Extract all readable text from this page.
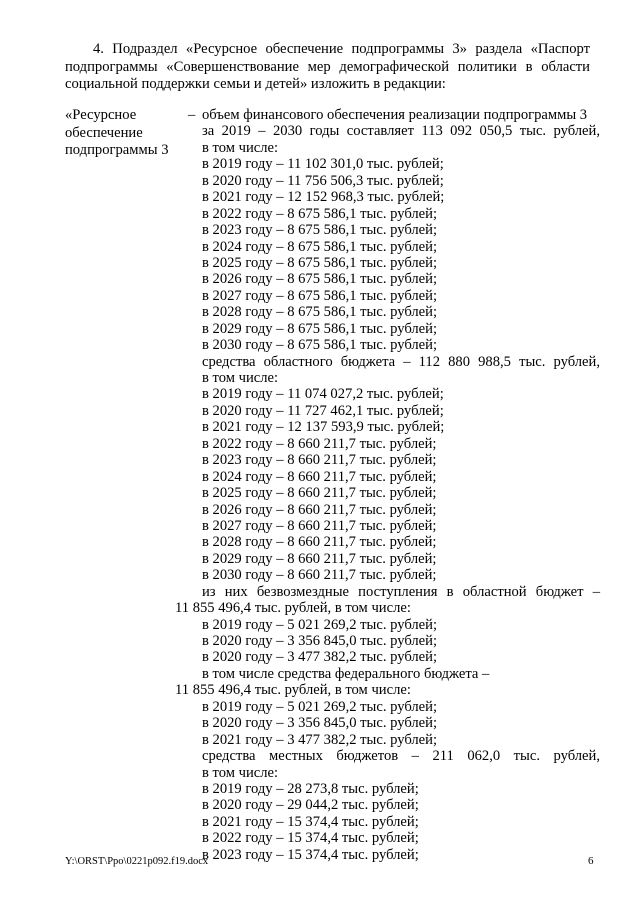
4. Подраздел «Ресурсное обеспечение подпрограммы 3» раздела «Паспорт
подпрограммы «Совершенствование мер демографической политики в области
социальной поддержки семьи и детей» изложить в редакции:
«Ресурсное
обеспечение
подпрограммы 3
– объем финансового обеспечения реализации подпрограммы 3
за 2019 – 2030 годы составляет 113 092 050,5 тыс. рублей,
в том числе:
в 2019 году – 11 102 301,0 тыс. рублей;
в 2020 году – 11 756 506,3 тыс. рублей;
в 2021 году – 12 152 968,3 тыс. рублей;
в 2022 году – 8 675 586,1 тыс. рублей;
в 2023 году – 8 675 586,1 тыс. рублей;
в 2024 году – 8 675 586,1 тыс. рублей;
в 2025 году – 8 675 586,1 тыс. рублей;
в 2026 году – 8 675 586,1 тыс. рублей;
в 2027 году – 8 675 586,1 тыс. рублей;
в 2028 году – 8 675 586,1 тыс. рублей;
в 2029 году – 8 675 586,1 тыс. рублей;
в 2030 году – 8 675 586,1 тыс. рублей;
средства областного бюджета – 112 880 988,5 тыс. рублей,
в том числе:
в 2019 году – 11 074 027,2 тыс. рублей;
в 2020 году – 11 727 462,1 тыс. рублей;
в 2021 году – 12 137 593,9 тыс. рублей;
в 2022 году – 8 660 211,7 тыс. рублей;
в 2023 году – 8 660 211,7 тыс. рублей;
в 2024 году – 8 660 211,7 тыс. рублей;
в 2025 году – 8 660 211,7 тыс. рублей;
в 2026 году – 8 660 211,7 тыс. рублей;
в 2027 году – 8 660 211,7 тыс. рублей;
в 2028 году – 8 660 211,7 тыс. рублей;
в 2029 году – 8 660 211,7 тыс. рублей;
в 2030 году – 8 660 211,7 тыс. рублей;
из них безвозмездные поступления в областной бюджет –
11 855 496,4 тыс. рублей, в том числе:
в 2019 году – 5 021 269,2 тыс. рублей;
в 2020 году – 3 356 845,0 тыс. рублей;
в 2020 году – 3 477 382,2 тыс. рублей;
в том числе средства федерального бюджета –
11 855 496,4 тыс. рублей, в том числе:
в 2019 году – 5 021 269,2 тыс. рублей;
в 2020 году – 3 356 845,0 тыс. рублей;
в 2021 году – 3 477 382,2 тыс. рублей;
средства местных бюджетов – 211 062,0 тыс. рублей,
в том числе:
в 2019 году – 28 273,8 тыс. рублей;
в 2020 году – 29 044,2 тыс. рублей;
в 2021 году – 15 374,4 тыс. рублей;
в 2022 году – 15 374,4 тыс. рублей;
в 2023 году – 15 374,4 тыс. рублей;
Y:\ORST\Ppo\0221p092.f19.docx	6
